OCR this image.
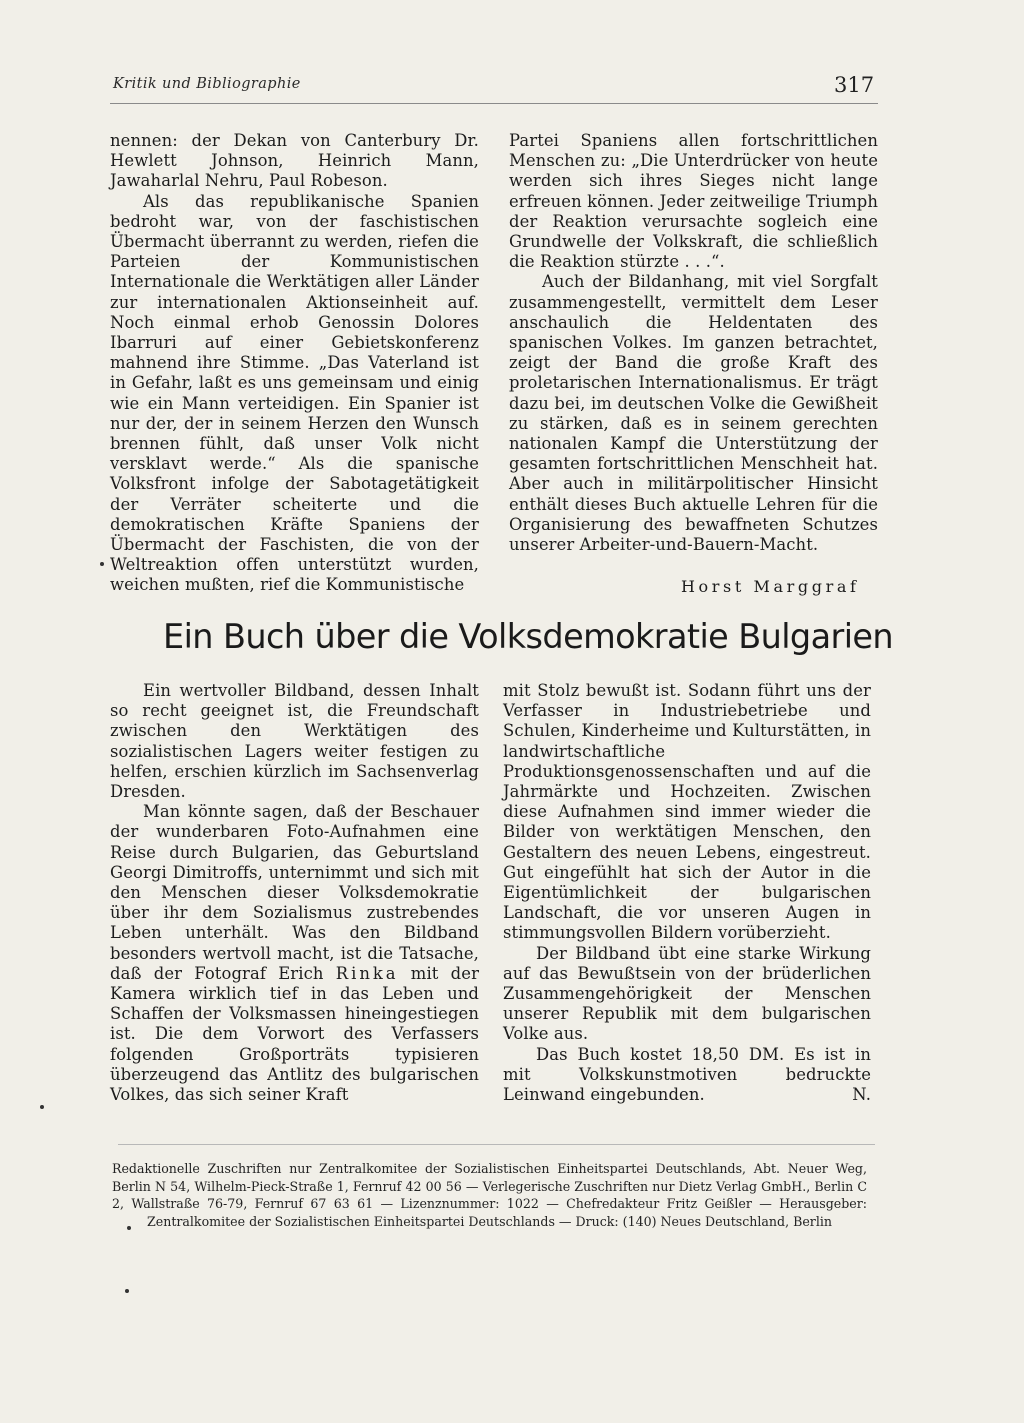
Kritik und Bibliographie	317

nennen: der Dekan von Canterbury Dr. Hewlett Johnson, Heinrich Mann, Jawaharlal Nehru, Paul Robeson.

Als das republikanische Spanien bedroht war, von der faschistischen Übermacht überrannt zu werden, riefen die Parteien der Kommunistischen Internationale die Werktätigen aller Länder zur internationalen Aktionseinheit auf. Noch einmal erhob Genossin Dolores Ibarruri auf einer Gebietskonferenz mahnend ihre Stimme. „Das Vaterland ist in Gefahr, laßt es uns gemeinsam und einig wie ein Mann verteidigen. Ein Spanier ist nur der, der in seinem Herzen den Wunsch brennen fühlt, daß unser Volk nicht versklavt werde.“ Als die spanische Volksfront infolge der Sabotagetätigkeit der Verräter scheiterte und die demokratischen Kräfte Spaniens der Übermacht der Faschisten, die von der Weltreaktion offen unterstützt wurden, weichen mußten, rief die Kommunistische

Partei Spaniens allen fortschrittlichen Menschen zu: „Die Unterdrücker von heute werden sich ihres Sieges nicht lange erfreuen können. Jeder zeitweilige Triumph der Reaktion verursachte sogleich eine Grundwelle der Volkskraft, die schließlich die Reaktion stürzte . . .“.

Auch der Bildanhang, mit viel Sorgfalt zusammengestellt, vermittelt dem Leser anschaulich die Heldentaten des spanischen Volkes. Im ganzen betrachtet, zeigt der Band die große Kraft des proletarischen Internationalismus. Er trägt dazu bei, im deutschen Volke die Gewißheit zu stärken, daß es in seinem gerechten nationalen Kampf die Unterstützung der gesamten fortschrittlichen Menschheit hat. Aber auch in militärpolitischer Hinsicht enthält dieses Buch aktuelle Lehren für die Organisierung des bewaffneten Schutzes unserer Arbeiter-und-Bauern-Macht.

Horst Marggraf
Ein Buch über die Volksdemokratie Bulgarien

Ein wertvoller Bildband, dessen Inhalt so recht geeignet ist, die Freundschaft zwischen den Werktätigen des sozialistischen Lagers weiter festigen zu helfen, erschien kürzlich im Sachsenverlag Dresden.

Man könnte sagen, daß der Beschauer der wunderbaren Foto-Aufnahmen eine Reise durch Bulgarien, das Geburtsland Georgi Dimitroffs, unternimmt und sich mit den Menschen dieser Volksdemokratie über ihr dem Sozialismus zustrebendes Leben unterhält. Was den Bildband besonders wertvoll macht, ist die Tatsache, daß der Fotograf Erich Rinka mit der Kamera wirklich tief in das Leben und Schaffen der Volksmassen hineingestiegen ist. Die dem Vorwort des Verfassers folgenden Großporträts typisieren überzeugend das Antlitz des bulgarischen Volkes, das sich seiner Kraft

mit Stolz bewußt ist. Sodann führt uns der Verfasser in Industriebetriebe und Schulen, Kinderheime und Kulturstätten, in landwirtschaftliche Produktionsgenossenschaften und auf die Jahrmärkte und Hochzeiten. Zwischen diese Aufnahmen sind immer wieder die Bilder von werktätigen Menschen, den Gestaltern des neuen Lebens, eingestreut. Gut eingefühlt hat sich der Autor in die Eigentümlichkeit der bulgarischen Landschaft, die vor unseren Augen in stimmungsvollen Bildern vorüberzieht.

Der Bildband übt eine starke Wirkung auf das Bewußtsein von der brüderlichen Zusammengehörigkeit der Menschen unserer Republik mit dem bulgarischen Volke aus.

Das Buch kostet 18,50 DM. Es ist in mit Volkskunstmotiven bedruckte Leinwand eingebunden.	N.

Redaktionelle Zuschriften nur Zentralkomitee der Sozialistischen Einheitspartei Deutschlands, Abt. Neuer Weg, Berlin N 54, Wilhelm-Pieck-Straße 1, Fernruf 42 00 56 — Verlegerische Zuschriften nur Dietz Verlag GmbH., Berlin C 2, Wallstraße 76-79, Fernruf 67 63 61 — Lizenznummer: 1022 — Chefredakteur Fritz Geißler — Herausgeber: Zentralkomitee der Sozialistischen Einheitspartei Deutschlands — Druck: (140) Neues Deutschland, Berlin
